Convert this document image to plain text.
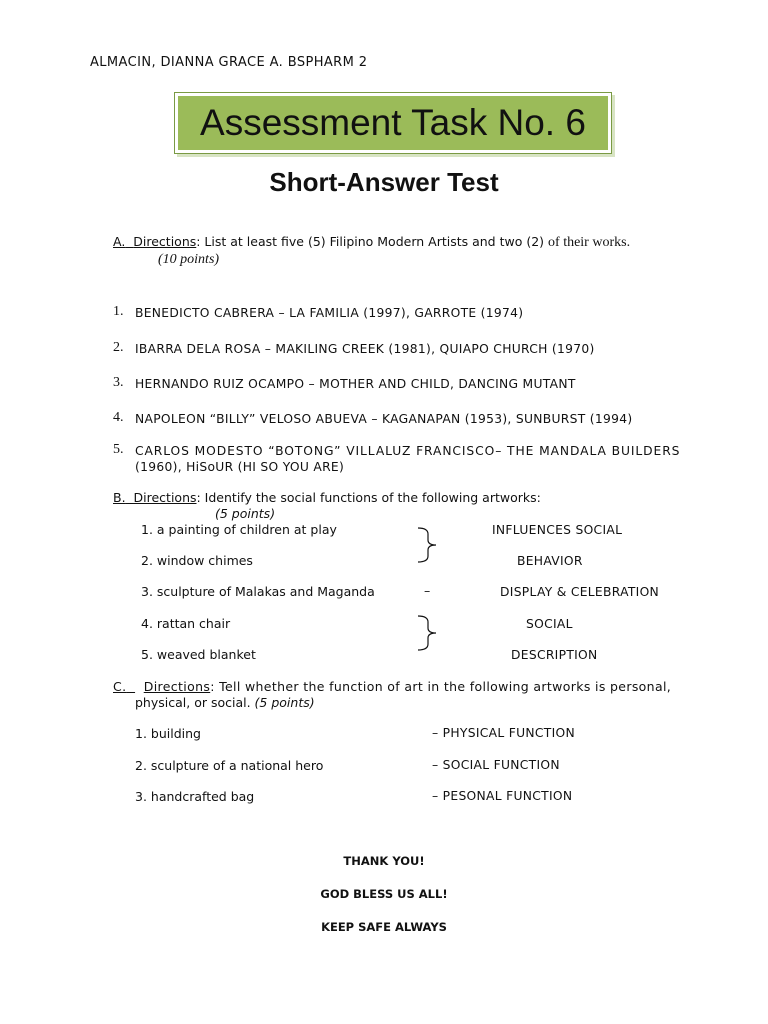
ALMACIN, DIANNA GRACE A. BSPHARM 2
Assessment Task No. 6
Short-Answer Test
A. Directions: List at least five (5) Filipino Modern Artists and two (2) of their works.
(10 points)
1. BENEDICTO CABRERA – LA FAMILIA (1997), GARROTE (1974)
2. IBARRA DELA ROSA – MAKILING CREEK (1981), QUIAPO CHURCH (1970)
3. HERNANDO RUIZ OCAMPO – MOTHER AND CHILD, DANCING MUTANT
4. NAPOLEON “BILLY” VELOSO ABUEVA – KAGANAPAN (1953), SUNBURST (1994)
5. CARLOS MODESTO “BOTONG” VILLALUZ FRANCISCO– THE MANDALA BUILDERS
(1960), HiSoUR (HI SO YOU ARE)
B. Directions: Identify the social functions of the following artworks:
(5 points)
1. a painting of children at play
2. window chimes
3. sculpture of Malakas and Maganda
4. rattan chair
5. weaved blanket
–
INFLUENCES SOCIAL
BEHAVIOR
DISPLAY & CELEBRATION
SOCIAL
DESCRIPTION
C. Directions: Tell whether the function of art in the following artworks is personal,
physical, or social. (5 points)
1. building
2. sculpture of a national hero
3. handcrafted bag
– PHYSICAL FUNCTION
– SOCIAL FUNCTION
– PESONAL FUNCTION
THANK YOU!
GOD BLESS US ALL!
KEEP SAFE ALWAYS
